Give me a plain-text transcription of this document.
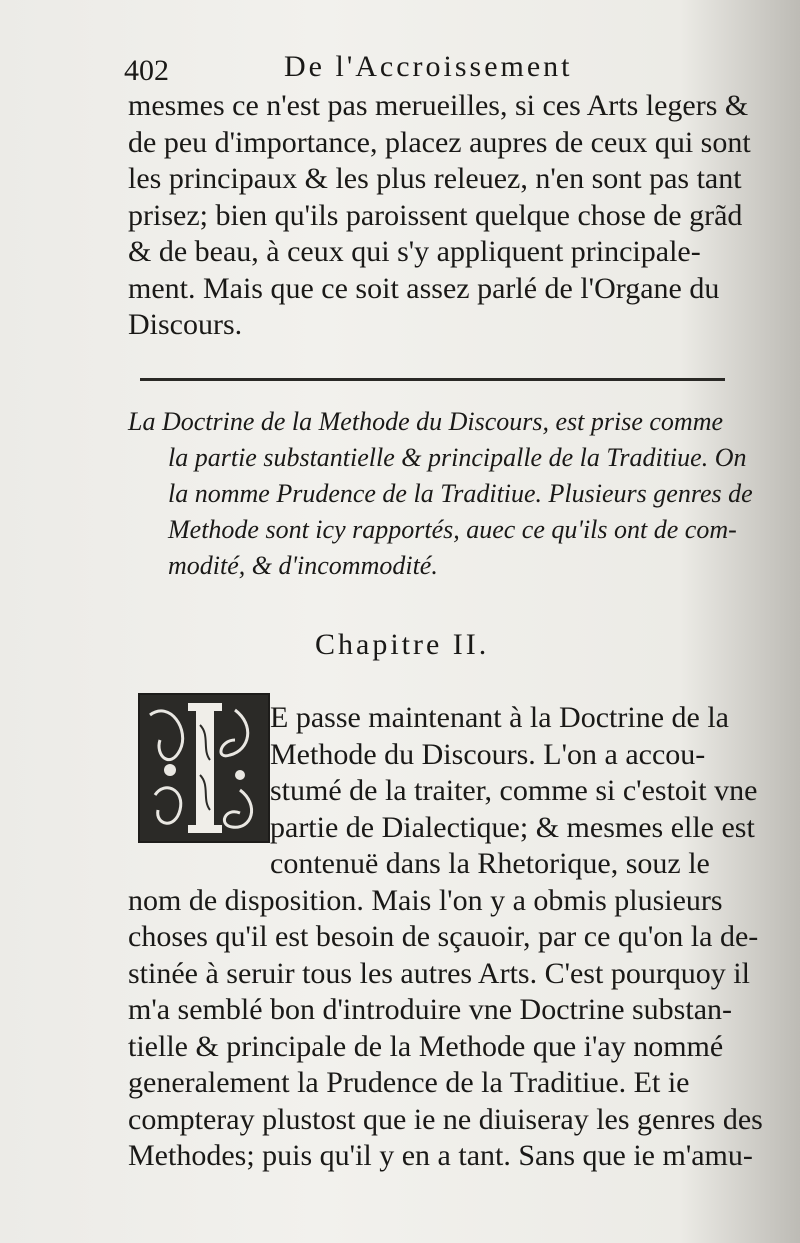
402	De l'Accroissement
mesmes ce n'est pas merueilles, si ces Arts legers &
de peu d'importance, placez aupres de ceux qui sont
les principaux & les plus releuez, n'en sont pas tant
prisez; bien qu'ils paroissent quelque chose de grãd
& de beau, à ceux qui s'y appliquent principale-
ment. Mais que ce soit assez parlé de l'Organe du
Discours.
La Doctrine de la Methode du Discours, est prise comme
la partie substantielle & principalle de la Traditiue. On
la nomme Prudence de la Traditiue. Plusieurs genres de
Methode sont icy rapportés, auec ce qu'ils ont de com-
modité, & d'incommodité.
Chapitre II.
E passe maintenant à la Doctrine de la
Methode du Discours. L'on a accou-
stumé de la traiter, comme si c'estoit vne
partie de Dialectique; & mesmes elle est
contenuë dans la Rhetorique, souz le
nom de disposition. Mais l'on y a obmis plusieurs
choses qu'il est besoin de sçauoir, par ce qu'on la de-
stinée à seruir tous les autres Arts. C'est pourquoy il
m'a semblé bon d'introduire vne Doctrine substan-
tielle & principale de la Methode que i'ay nommé
generalement la Prudence de la Traditiue. Et ie
compteray plustost que ie ne diuiseray les genres des
Methodes; puis qu'il y en a tant. Sans que ie m'amu-
